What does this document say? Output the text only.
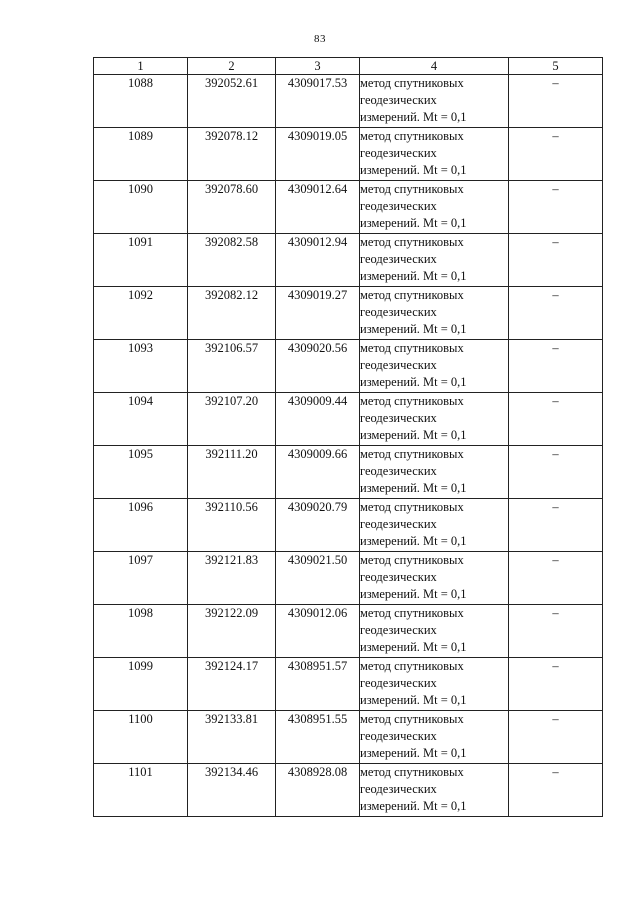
83
1	2	3	4	5
1088	392052.61	4309017.53	метод спутниковых
геодезических
измерений. Mt = 0,1	–
1089	392078.12	4309019.05	метод спутниковых
геодезических
измерений. Mt = 0,1	–
1090	392078.60	4309012.64	метод спутниковых
геодезических
измерений. Mt = 0,1	–
1091	392082.58	4309012.94	метод спутниковых
геодезических
измерений. Mt = 0,1	–
1092	392082.12	4309019.27	метод спутниковых
геодезических
измерений. Mt = 0,1	–
1093	392106.57	4309020.56	метод спутниковых
геодезических
измерений. Mt = 0,1	–
1094	392107.20	4309009.44	метод спутниковых
геодезических
измерений. Mt = 0,1	–
1095	392111.20	4309009.66	метод спутниковых
геодезических
измерений. Mt = 0,1	–
1096	392110.56	4309020.79	метод спутниковых
геодезических
измерений. Mt = 0,1	–
1097	392121.83	4309021.50	метод спутниковых
геодезических
измерений. Mt = 0,1	–
1098	392122.09	4309012.06	метод спутниковых
геодезических
измерений. Mt = 0,1	–
1099	392124.17	4308951.57	метод спутниковых
геодезических
измерений. Mt = 0,1	–
1100	392133.81	4308951.55	метод спутниковых
геодезических
измерений. Mt = 0,1	–
1101	392134.46	4308928.08	метод спутниковых
геодезических
измерений. Mt = 0,1	–
